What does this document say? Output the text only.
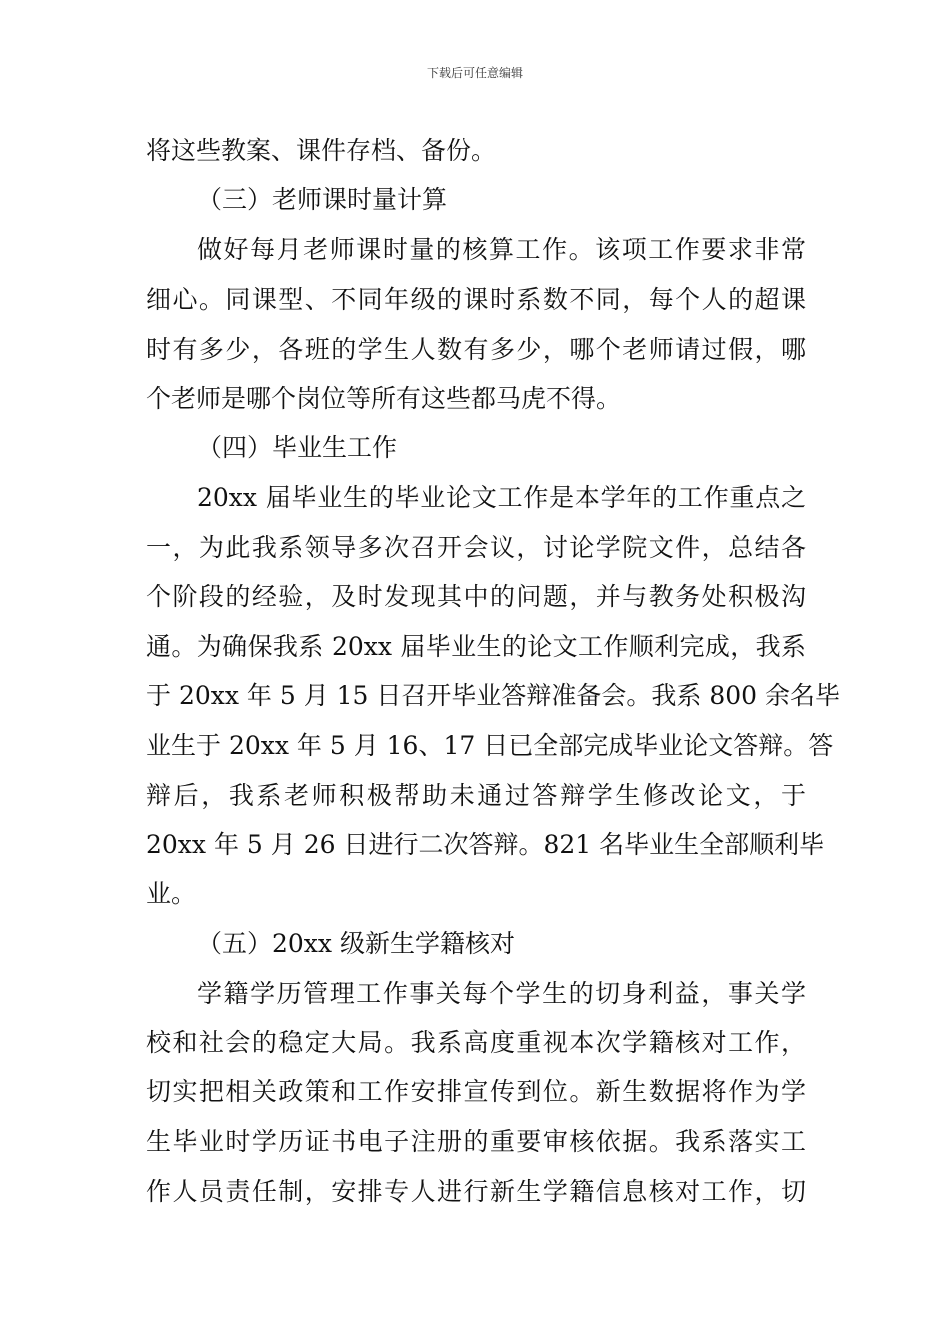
下载后可任意编辑
将这些教案、课件存档、备份。
（三）老师课时量计算
做好每月老师课时量的核算工作。该项工作要求非常
细心。同课型、不同年级的课时系数不同，每个人的超课
时有多少，各班的学生人数有多少，哪个老师请过假，哪
个老师是哪个岗位等所有这些都马虎不得。
（四）毕业生工作
20xx 届毕业生的毕业论文工作是本学年的工作重点之
一，为此我系领导多次召开会议，讨论学院文件，总结各
个阶段的经验，及时发现其中的问题，并与教务处积极沟
通。为确保我系 20xx 届毕业生的论文工作顺利完成，我系
于 20xx 年 5 月 15 日召开毕业答辩准备会。我系 800 余名毕
业生于 20xx 年 5 月 16、17 日已全部完成毕业论文答辩。答
辩后，我系老师积极帮助未通过答辩学生修改论文，于
20xx 年 5 月 26 日进行二次答辩。821 名毕业生全部顺利毕
业。
（五）20xx 级新生学籍核对
学籍学历管理工作事关每个学生的切身利益，事关学
校和社会的稳定大局。我系高度重视本次学籍核对工作，
切实把相关政策和工作安排宣传到位。新生数据将作为学
生毕业时学历证书电子注册的重要审核依据。我系落实工
作人员责任制，安排专人进行新生学籍信息核对工作，切
